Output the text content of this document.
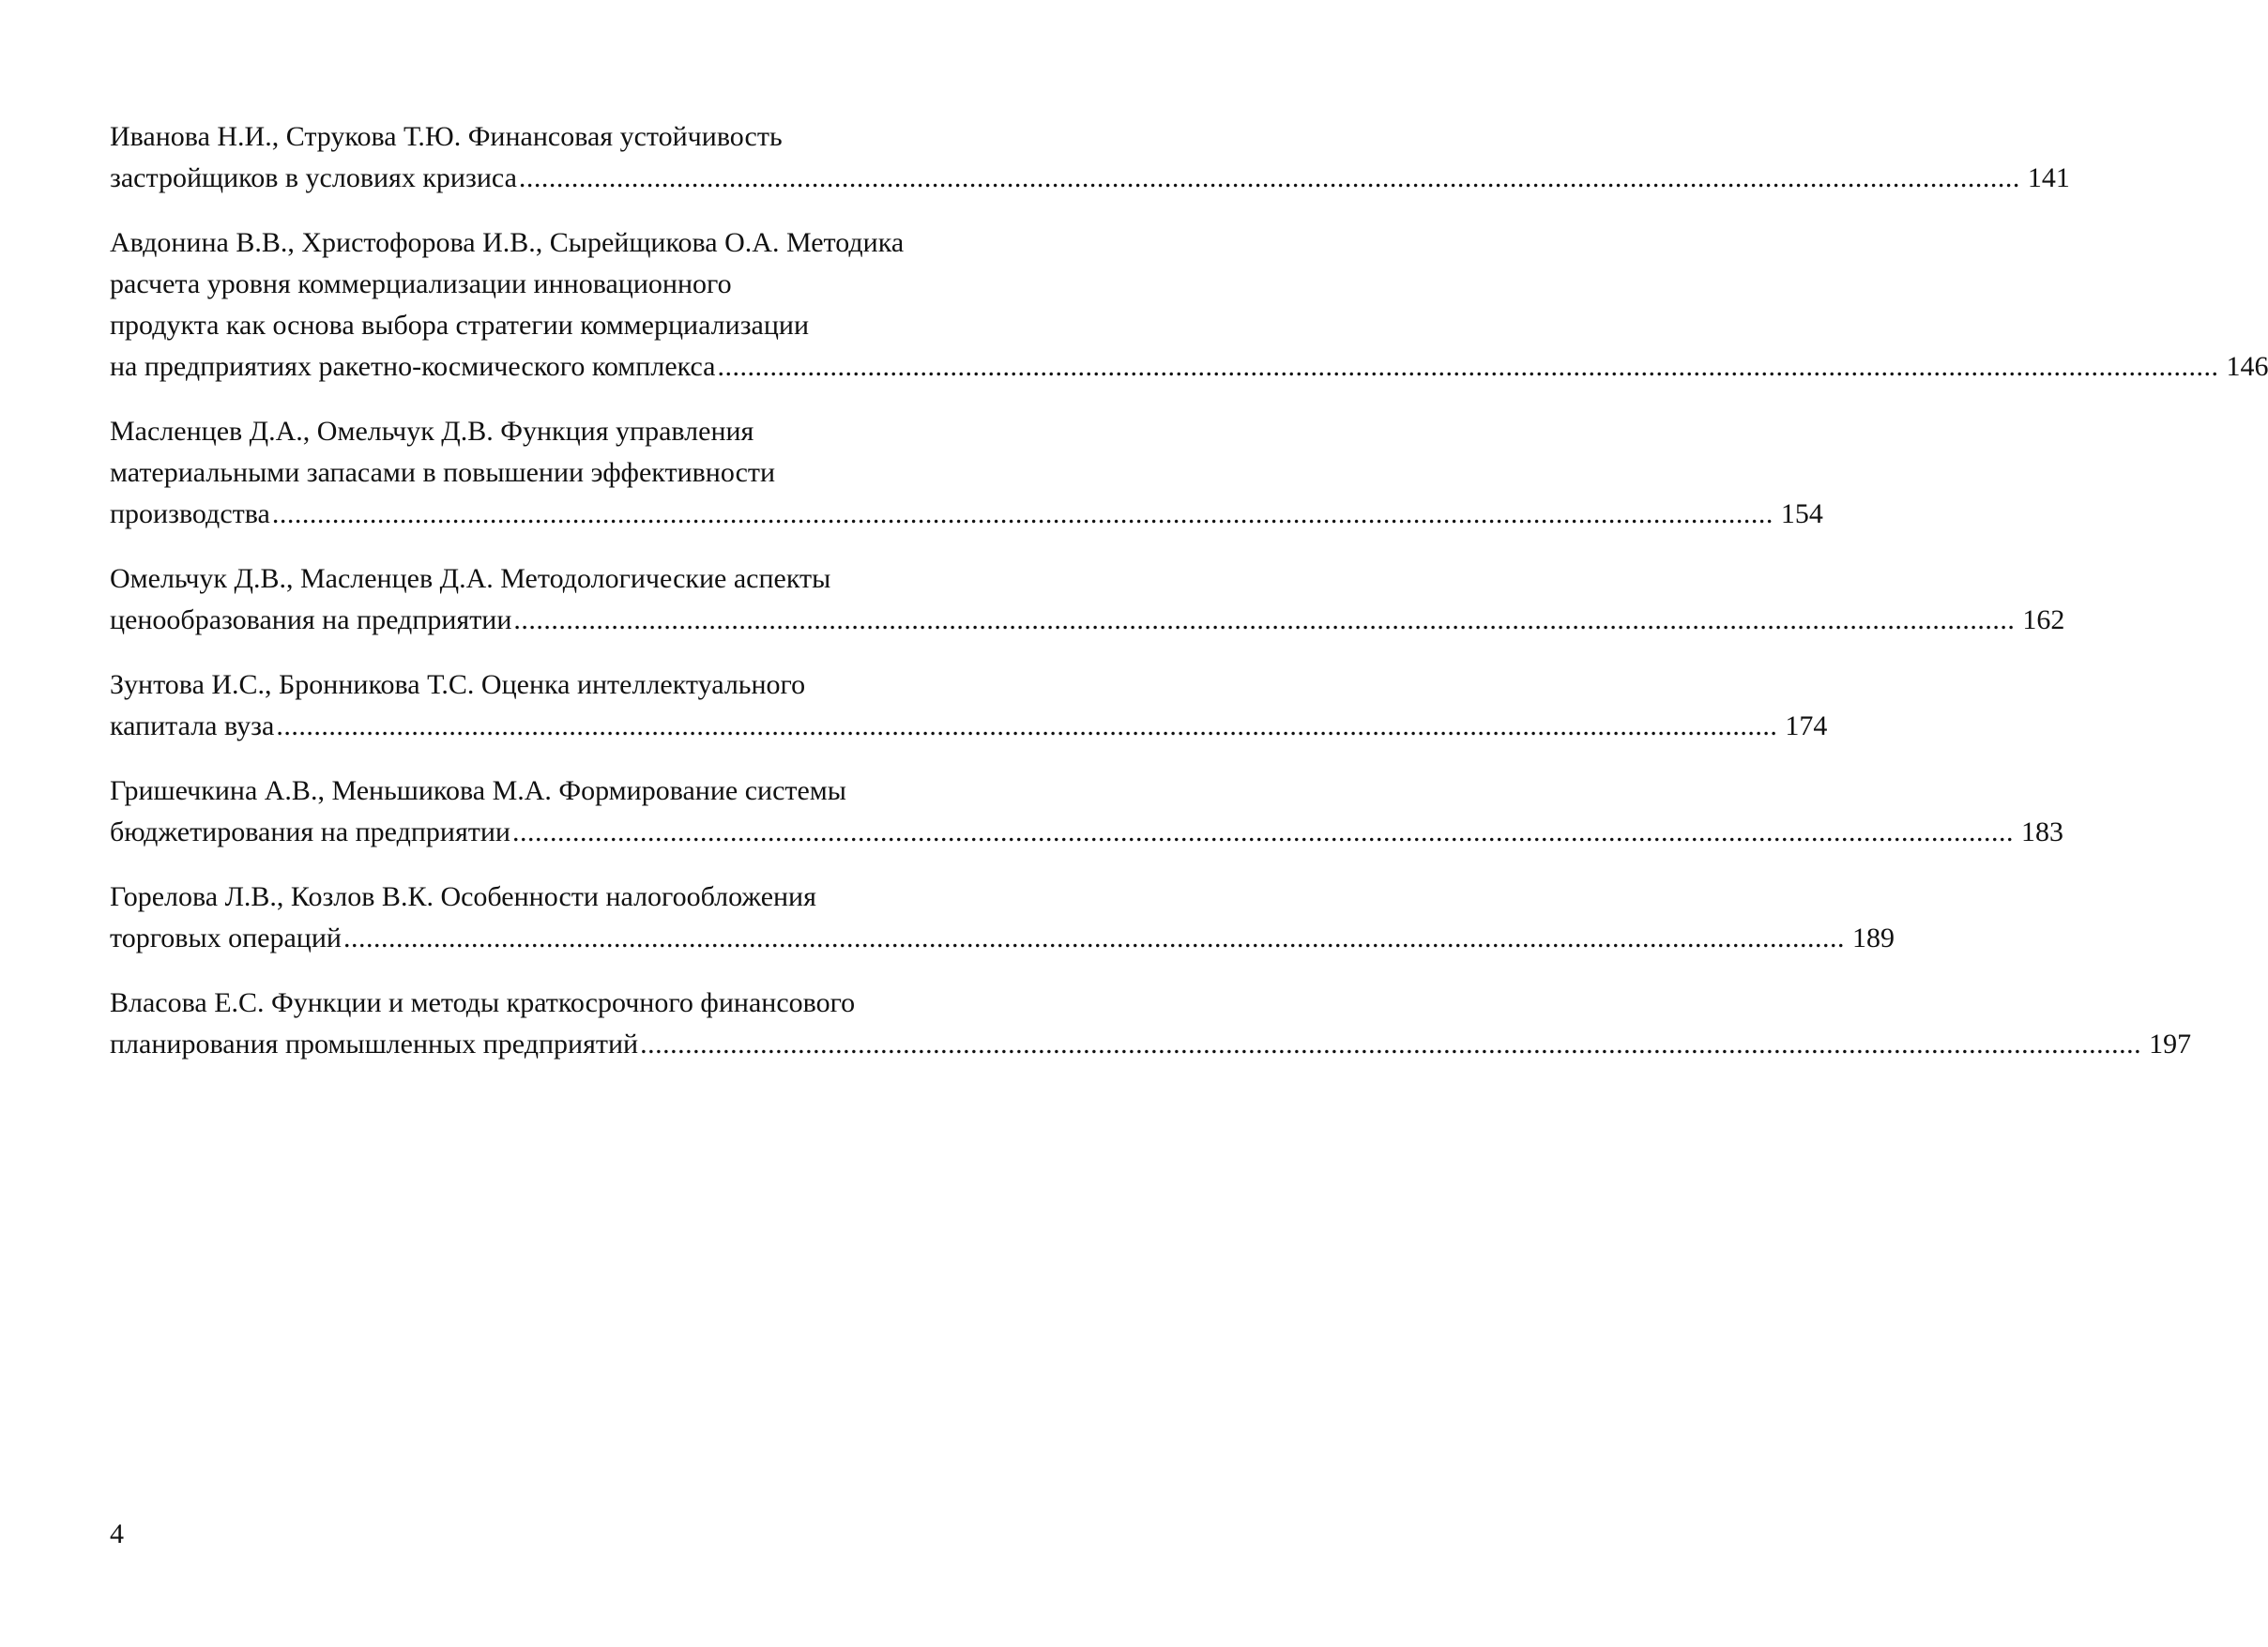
Иванова Н.И., Струкова Т.Ю. Финансовая устойчивость
застройщиков в условиях кризиса ........................................................................................................................................................................................................ 141
Авдонина В.В., Христофорова И.В., Сырейщикова О.А. Методика
расчета уровня коммерциализации инновационного
продукта как основа выбора стратегии коммерциализации
на предприятиях ракетно-космического комплекса ........................................................................................................................................................................................................ 146
Масленцев Д.А., Омельчук Д.В. Функция управления
материальными запасами в повышении эффективности
производства ........................................................................................................................................................................................................ 154
Омельчук Д.В., Масленцев Д.А. Методологические аспекты
ценообразования на предприятии ........................................................................................................................................................................................................ 162
Зунтова И.С., Бронникова Т.С. Оценка интеллектуального
капитала вуза ........................................................................................................................................................................................................ 174
Гришечкина А.В., Меньшикова М.А. Формирование системы
бюджетирования на предприятии ........................................................................................................................................................................................................ 183
Горелова Л.В., Козлов В.К. Особенности налогообложения
торговых операций ........................................................................................................................................................................................................ 189
Власова Е.С. Функции и методы краткосрочного финансового
планирования промышленных предприятий ........................................................................................................................................................................................................ 197
4
